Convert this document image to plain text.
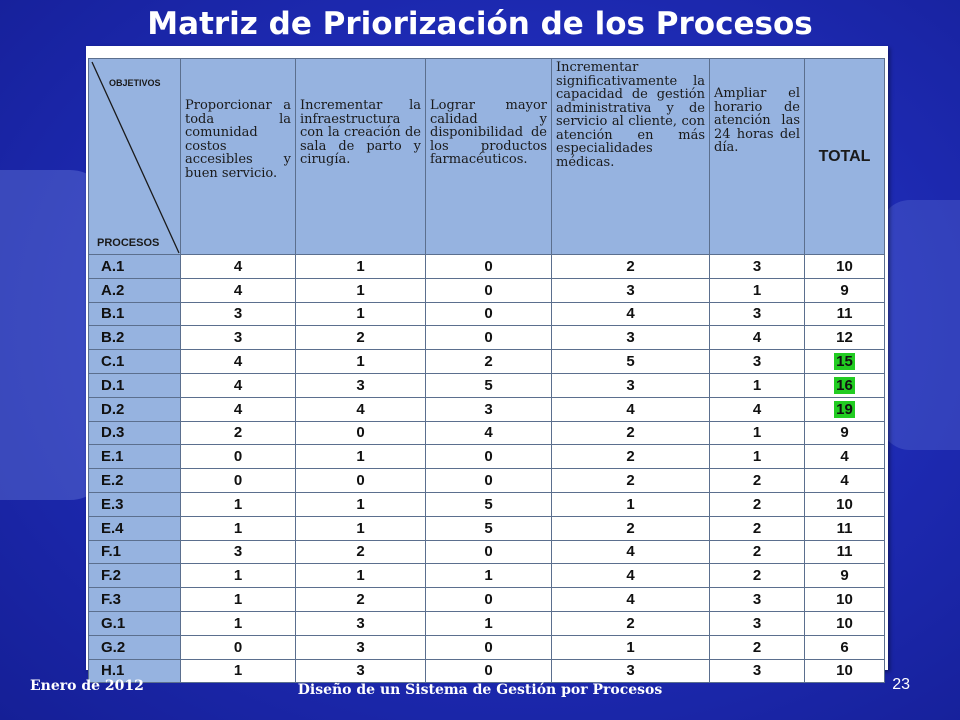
Matriz de Priorización de los Procesos
OBJETIVOS
PROCESOS	Proporcionar a toda la comunidad costos accesibles y buen servicio.	Incrementar la infraestructura con la creación de sala de parto y cirugía.	Lograr mayor calidad y disponibilidad de los productos farmacéuticos.	Incrementar significativamente la capacidad de gestión administrativa y de servicio al cliente, con atención en más especialidades médicas.	Ampliar el horario de atención las 24 horas del día.	TOTAL
A.1	4	1	0	2	3	10
A.2	4	1	0	3	1	9
B.1	3	1	0	4	3	11
B.2	3	2	0	3	4	12
C.1	4	1	2	5	3	15
D.1	4	3	5	3	1	16
D.2	4	4	3	4	4	19
D.3	2	0	4	2	1	9
E.1	0	1	0	2	1	4
E.2	0	0	0	2	2	4
E.3	1	1	5	1	2	10
E.4	1	1	5	2	2	11
F.1	3	2	0	4	2	11
F.2	1	1	1	4	2	9
F.3	1	2	0	4	3	10
G.1	1	3	1	2	3	10
G.2	0	3	0	1	2	6
H.1	1	3	0	3	3	10
Enero de 2012	Diseño de un Sistema de Gestión por Procesos	23
